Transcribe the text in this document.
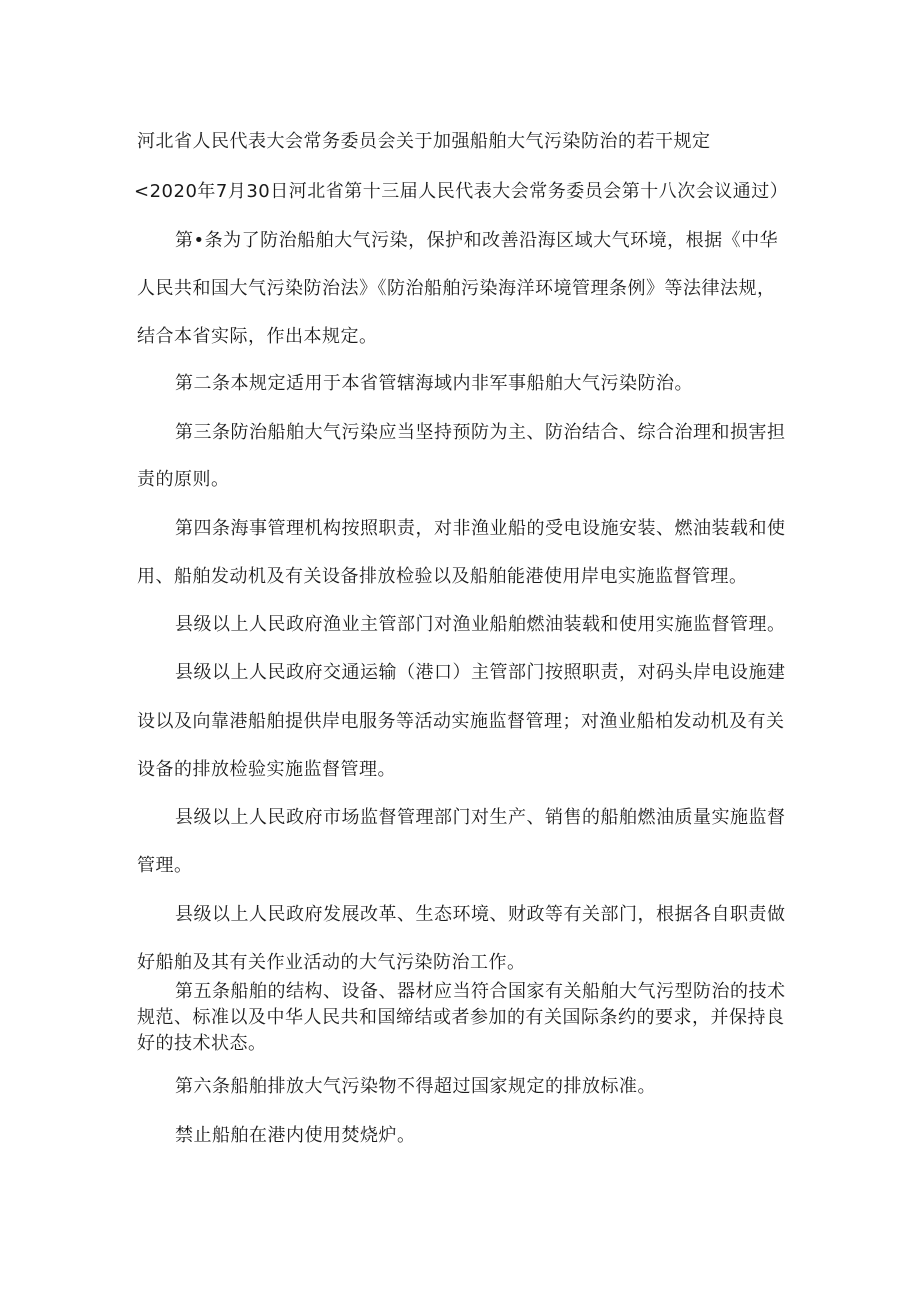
河北省人民代表大会常务委员会关于加强船舶大气污染防治的若干规定
<2020年7月30日河北省第十三届人民代表大会常务委员会第十八次会议通过）
第•条为了防治船舶大气污染，保护和改善沿海区域大气环境，根据《中华
人民共和国大气污染防治法》《防治船舶污染海洋环境管理条例》等法律法规，
结合本省实际，作出本规定。
第二条本规定适用于本省管辖海域内非军事船舶大气污染防治。
第三条防治船舶大气污染应当坚持预防为主、防治结合、综合治理和损害担
责的原则。
第四条海事管理机构按照职责，对非渔业船的受电设施安装、燃油装载和使
用、船舶发动机及有关设备排放检验以及船舶能港使用岸电实施监督管理。
县级以上人民政府渔业主管部门对渔业船舶燃油装载和使用实施监督管理。
县级以上人民政府交通运输（港口）主管部门按照职责，对码头岸电设施建
设以及向靠港船舶提供岸电服务等活动实施监督管理；对渔业船柏发动机及有关
设备的排放检验实施监督管理。
县级以上人民政府市场监督管理部门对生产、销售的船舶燃油质量实施监督
管理。
县级以上人民政府发展改革、生态环境、财政等有关部门，根据各自职责做
好船舶及其有关作业活动的大气污染防治工作。
第五条船舶的结构、设备、器材应当符合国家有关船舶大气污型防治的技术
规范、标准以及中华人民共和国缔结或者参加的有关国际条约的要求，并保持良
好的技术状态。
第六条船舶排放大气污染物不得超过国家规定的排放标准。
禁止船舶在港内使用焚烧炉。
